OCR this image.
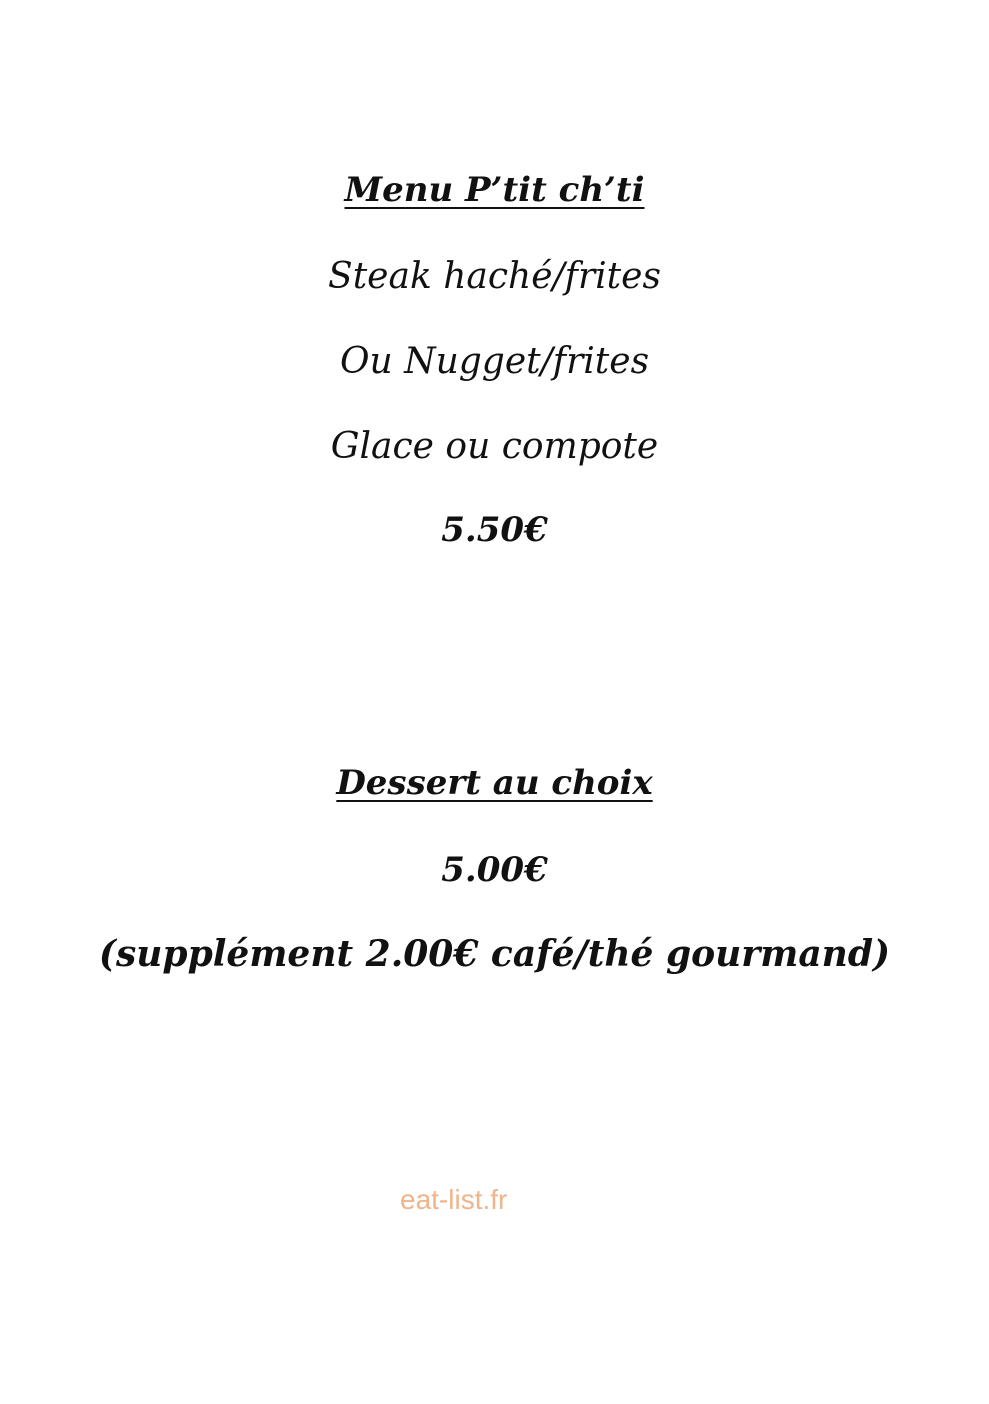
Menu P’tit ch’ti
Steak haché/frites
Ou Nugget/frites
Glace ou compote
5.50€
Dessert au choix
5.00€
(supplément 2.00€ café/thé gourmand)
eat-list.fr
